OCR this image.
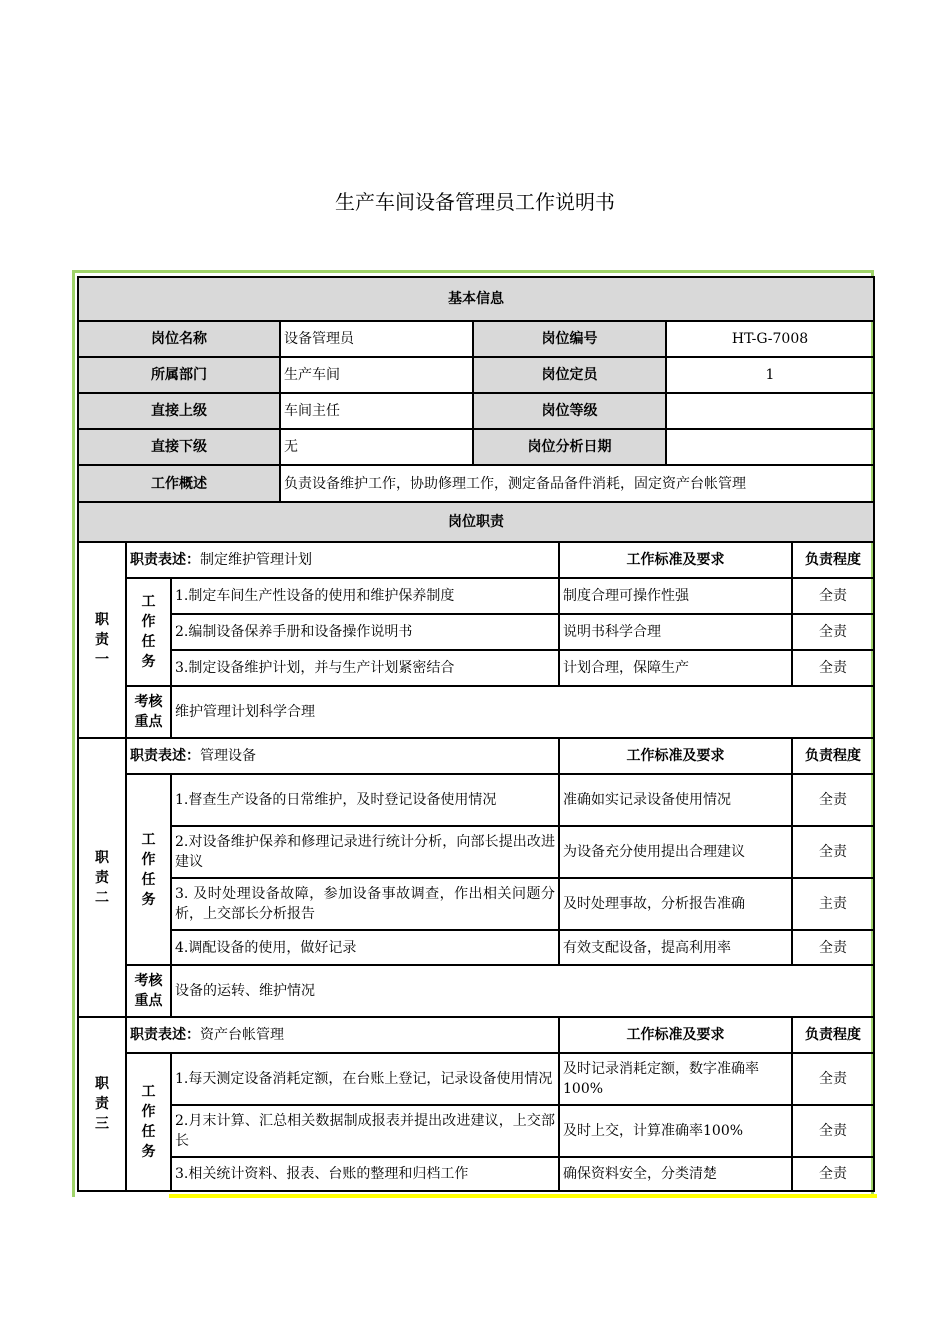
生产车间设备管理员工作说明书
基本信息							
岗位名称			设备管理员	岗位编号		HT-G-7008	
所属部门			生产车间	岗位定员		1	
直接上级			车间主任	岗位等级			
直接下级			无	岗位分析日期			
工作概述			负责设备维护工作，协助修理工作，测定备品备件消耗，固定资产台帐管理				
岗位职责							

职
责
一	职责表述：制定维护管理计划				工作标准及要求		负责程度

	工
作
任
务	1.制定车间生产性设备的使用和维护保养制度			制度合理可操作性强		全责
		2.编制设备保养手册和设备操作说明书			说明书科学合理		全责
		3.制定设备维护计划，并与生产计划紧密结合			计划合理，保障生产		全责

	考核
重点	维护管理计划科学合理					

职
责
二	职责表述：管理设备				工作标准及要求		负责程度

	工
作
任
务	1.督查生产设备的日常维护，及时登记设备使用情况			准确如实记录设备使用情况		全责
		2.对设备维护保养和修理记录进行统计分析，向部长提出改进建议			为设备充分使用提出合理建议		全责
		3. 及时处理设备故障，参加设备事故调查，作出相关问题分析，上交部长分析报告			及时处理事故，分析报告准确		主责
		4.调配设备的使用，做好记录			有效支配设备，提高利用率		全责

	考核
重点	设备的运转、维护情况					

职
责
三	职责表述：资产台帐管理				工作标准及要求		负责程度

	工
作
任
务	1.每天测定设备消耗定额，在台账上登记，记录设备使用情况			及时记录消耗定额，数字准确率100%		全责
		2.月末计算、汇总相关数据制成报表并提出改进建议，上交部长			及时上交，计算准确率100%		全责
		3.相关统计资料、报表、台账的整理和归档工作			确保资料安全，分类清楚		全责
